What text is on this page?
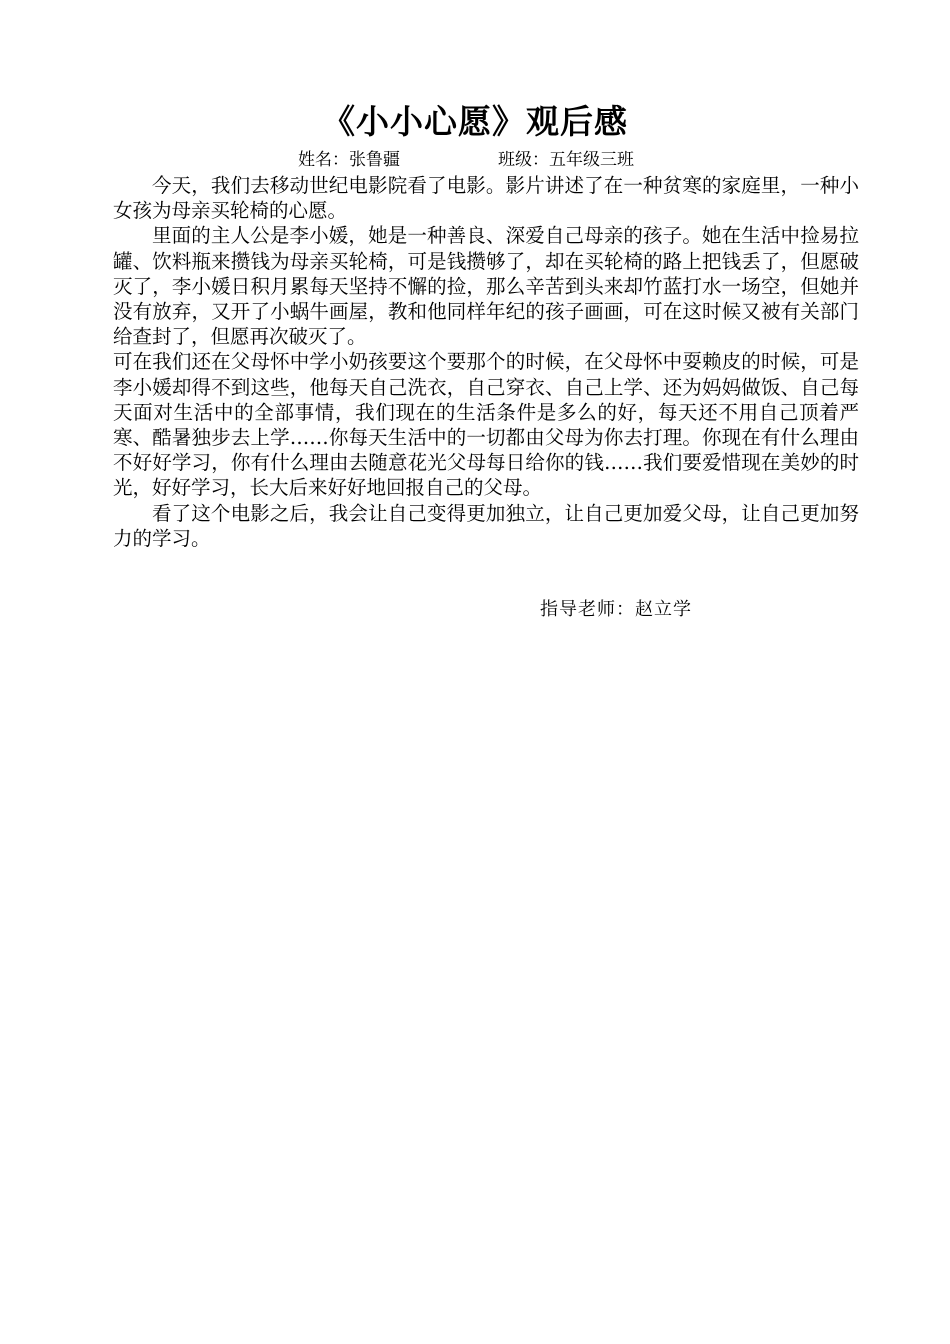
《小小心愿》观后感
姓名：张鲁疆	班级：五年级三班

今天，我们去移动世纪电影院看了电影。影片讲述了在一种贫寒的家庭里，一种小女孩为母亲买轮椅的心愿。

里面的主人公是李小媛，她是一种善良、深爱自己母亲的孩子。她在生活中捡易拉罐、饮料瓶来攒钱为母亲买轮椅，可是钱攒够了，却在买轮椅的路上把钱丢了，但愿破灭了，李小媛日积月累每天坚持不懈的捡，那么辛苦到头来却竹蓝打水一场空，但她并没有放弃，又开了小蜗牛画屋，教和他同样年纪的孩子画画，可在这时候又被有关部门给查封了，但愿再次破灭了。

可在我们还在父母怀中学小奶孩要这个要那个的时候，在父母怀中耍赖皮的时候，可是李小媛却得不到这些，他每天自己洗衣，自己穿衣、自己上学、还为妈妈做饭、自己每天面对生活中的全部事情，我们现在的生活条件是多么的好，每天还不用自己顶着严寒、酷暑独步去上学……你每天生活中的一切都由父母为你去打理。你现在有什么理由不好好学习，你有什么理由去随意花光父母每日给你的钱……我们要爱惜现在美妙的时光，好好学习，长大后来好好地回报自己的父母。

看了这个电影之后，我会让自己变得更加独立，让自己更加爱父母，让自己更加努力的学习。

指导老师：赵立学
